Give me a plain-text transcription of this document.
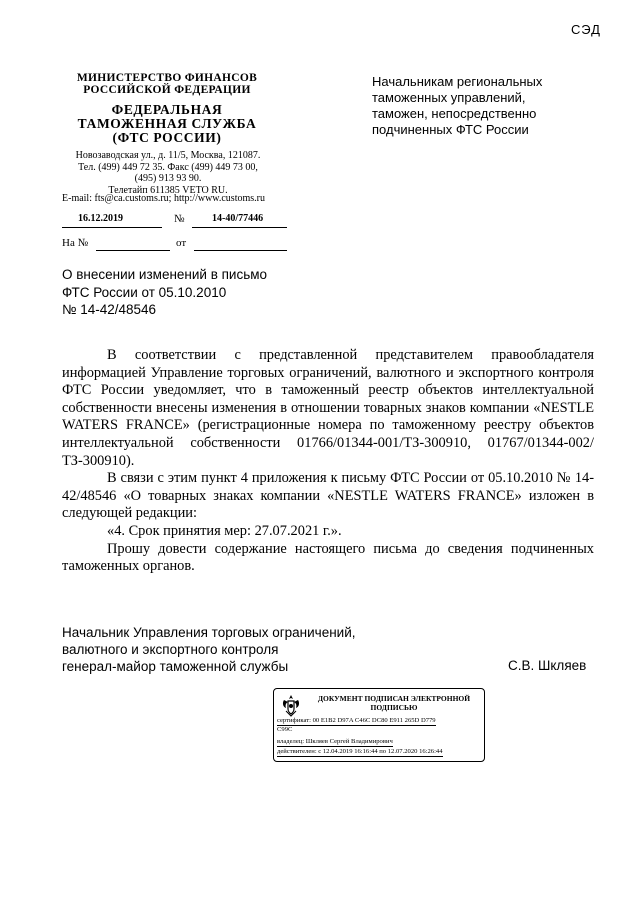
СЭД
МИНИСТЕРСТВО ФИНАНСОВ
РОССИЙСКОЙ ФЕДЕРАЦИИ
ФЕДЕРАЛЬНАЯ
ТАМОЖЕННАЯ СЛУЖБА
(ФТС РОССИИ)
Новозаводская ул., д. 11/5, Москва, 121087.
Тел. (499) 449 72 35. Факс (499) 449 73 00,
(495) 913 93 90.
Телетайп 611385 VETO RU.
E-mail: fts@ca.customs.ru; http://www.customs.ru
16.12.2019	№	14-40/77446
На №	от
Начальникам региональных
таможенных управлений,
таможен, непосредственно
подчиненных ФТС России
О внесении изменений в письмо
ФТС России от 05.10.2010
№ 14-42/48546

В соответствии с представленной представителем правообладателя информацией Управление торговых ограничений, валютного и экспортного контроля ФТС России уведомляет, что в таможенный реестр объектов интеллектуальной собственности внесены изменения в отношении товарных знаков компании «NESTLE WATERS FRANCE» (регистрационные номера по таможенному реестру объектов интеллектуальной собственности 01766/01344-001/ТЗ-300910, 01767/01344-002/ТЗ-300910).

В связи с этим пункт 4 приложения к письму ФТС России от 05.10.2010 № 14-42/48546 «О товарных знаках компании «NESTLE WATERS FRANCE» изложен в следующей редакции:

«4. Срок принятия мер: 27.07.2021 г.».

Прошу довести содержание настоящего письма до сведения подчиненных таможенных органов.

Начальник Управления торговых ограничений,
валютного и экспортного контроля
генерал-майор таможенной службы	С.В. Шкляев
ДОКУМЕНТ ПОДПИСАН ЭЛЕКТРОННОЙ
ПОДПИСЬЮ
сертификат: 00 E1B2 D97A C46C DC80 E911 265D D779
C99C
владелец: Шкляев Сергей Владимирович
действителен: с 12.04.2019 16:16:44 по 12.07.2020 16:26:44
